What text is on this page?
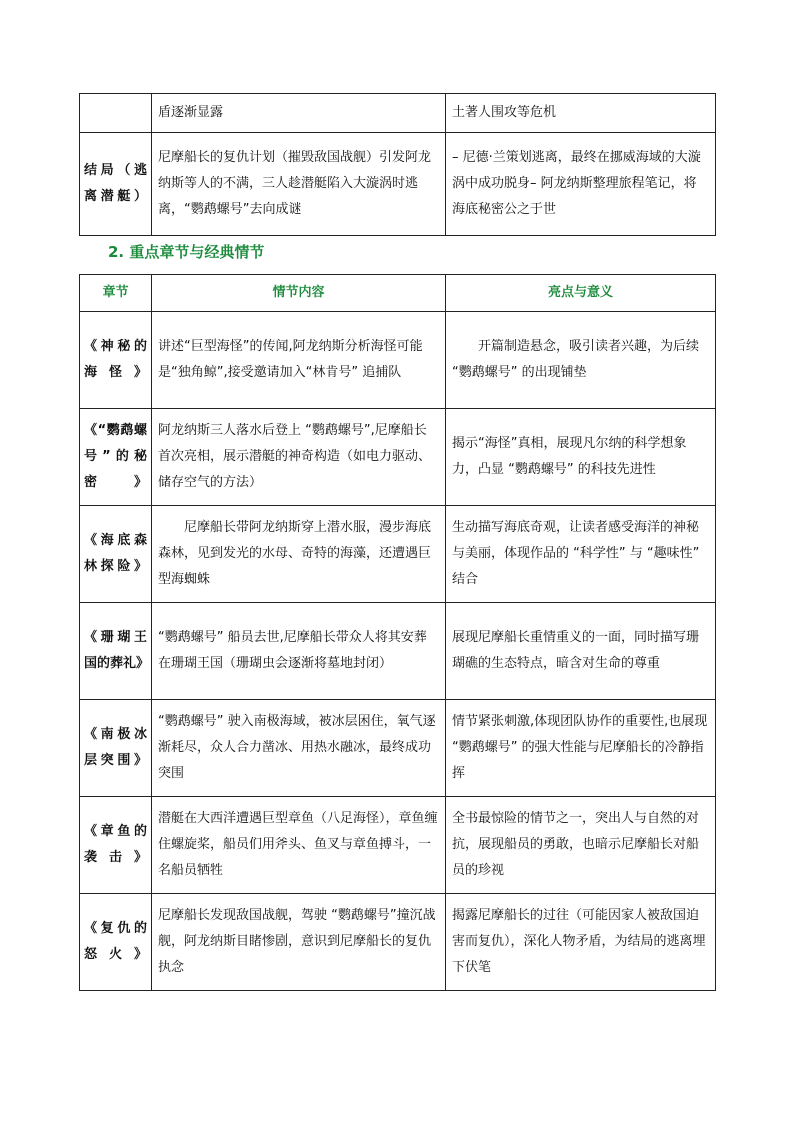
	盾逐渐显露	土著人围攻等危机
结局（逃离潜艇）	尼摩船长的复仇计划（摧毁敌国战舰）引发阿龙纳斯等人的不满，三人趁潜艇陷入大漩涡时逃离，“鹦鹉螺号”去向成谜	– 尼德·兰策划逃离，最终在挪威海域的大漩涡中成功脱身– 阿龙纳斯整理旅程笔记，将海底秘密公之于世
2. 重点章节与经典情节
章节	情节内容	亮点与意义
《神秘的海怪》	讲述“巨型海怪”的传闻,阿龙纳斯分析海怪可能是“独角鲸”,接受邀请加入“林肯号” 追捕队	开篇制造悬念，吸引读者兴趣，为后续 “鹦鹉螺号” 的出现铺垫
《“鹦鹉螺号”的秘密》	阿龙纳斯三人落水后登上 “鹦鹉螺号”,尼摩船长首次亮相，展示潜艇的神奇构造（如电力驱动、储存空气的方法）	揭示“海怪”真相，展现凡尔纳的科学想象力，凸显 “鹦鹉螺号” 的科技先进性
《海底森林探险》	尼摩船长带阿龙纳斯穿上潜水服，漫步海底森林，见到发光的水母、奇特的海藻，还遭遇巨型海蜘蛛	生动描写海底奇观，让读者感受海洋的神秘与美丽，体现作品的 “科学性” 与 “趣味性” 结合
《珊瑚王国的葬礼》	“鹦鹉螺号” 船员去世,尼摩船长带众人将其安葬在珊瑚王国（珊瑚虫会逐渐将墓地封闭）	展现尼摩船长重情重义的一面，同时描写珊瑚礁的生态特点，暗含对生命的尊重
《南极冰层突围》	“鹦鹉螺号” 驶入南极海域，被冰层困住，氧气逐渐耗尽，众人合力凿冰、用热水融冰，最终成功突围	情节紧张刺激,体现团队协作的重要性,也展现 “鹦鹉螺号” 的强大性能与尼摩船长的冷静指挥
《章鱼的袭击》	潜艇在大西洋遭遇巨型章鱼（八足海怪），章鱼缠住螺旋桨，船员们用斧头、鱼叉与章鱼搏斗，一名船员牺牲	全书最惊险的情节之一，突出人与自然的对抗，展现船员的勇敢，也暗示尼摩船长对船员的珍视
《复仇的怒火》	尼摩船长发现敌国战舰，驾驶 “鹦鹉螺号”撞沉战舰，阿龙纳斯目睹惨剧，意识到尼摩船长的复仇执念	揭露尼摩船长的过往（可能因家人被敌国迫害而复仇），深化人物矛盾，为结局的逃离埋下伏笔
